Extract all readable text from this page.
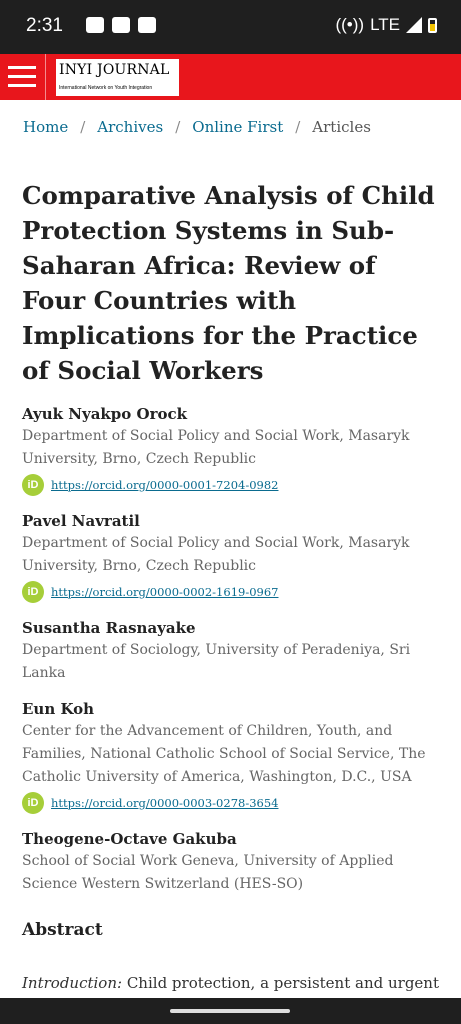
2:31	((•)) LTE
INYI JOURNAL
International Network on Youth Integration
Home / Archives / Online First / Articles
Comparative Analysis of Child Protection Systems in Sub-Saharan Africa: Review of Four Countries with Implications for the Practice of Social Workers
Ayuk Nyakpo Orock
Department of Social Policy and Social Work, Masaryk University, Brno, Czech Republic
iD	https://orcid.org/0000-0001-7204-0982
Pavel Navratil
Department of Social Policy and Social Work, Masaryk University, Brno, Czech Republic
iD	https://orcid.org/0000-0002-1619-0967
Susantha Rasnayake
Department of Sociology, University of Peradeniya, Sri Lanka
Eun Koh
Center for the Advancement of Children, Youth, and Families, National Catholic School of Social Service, The Catholic University of America, Washington, D.C., USA
iD	https://orcid.org/0000-0003-0278-3654
Theogene-Octave Gakuba
School of Social Work Geneva, University of Applied Science Western Switzerland (HES-SO)
Abstract

Introduction: Child protection, a persistent and urgent
